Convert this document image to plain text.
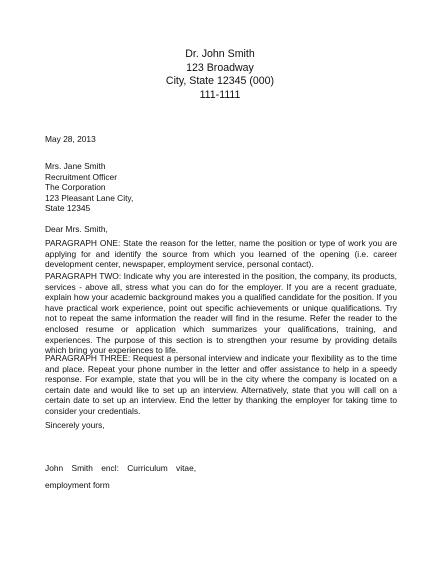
Dr. John Smith
123 Broadway
City, State 12345 (000)
111-1111
May 28, 2013
Mrs. Jane Smith
Recruitment Officer
The Corporation
123 Pleasant Lane City,
State 12345
Dear Mrs. Smith,
PARAGRAPH ONE: State the reason for the letter, name the position or type of work you are applying for and identify the source from which you learned of the opening (i.e. career development center, newspaper, employment service, personal contact).
PARAGRAPH TWO: Indicate why you are interested in the position, the company, its products, services - above all, stress what you can do for the employer. If you are a recent graduate, explain how your academic background makes you a qualified candidate for the position. If you have practical work experience, point out specific achievements or unique qualifications. Try not to repeat the same information the reader will find in the resume. Refer the reader to the enclosed resume or application which summarizes your qualifications, training, and experiences. The purpose of this section is to strengthen your resume by providing details which bring your experiences to life.
PARAGRAPH THREE: Request a personal interview and indicate your flexibility as to the time and place. Repeat your phone number in the letter and offer assistance to help in a speedy response. For example, state that you will be in the city where the company is located on a certain date and would like to set up an interview. Alternatively, state that you will call on a certain date to set up an interview. End the letter by thanking the employer for taking time to consider your credentials.
Sincerely yours,
John Smith encl: Curriculum vitae,
employment form
